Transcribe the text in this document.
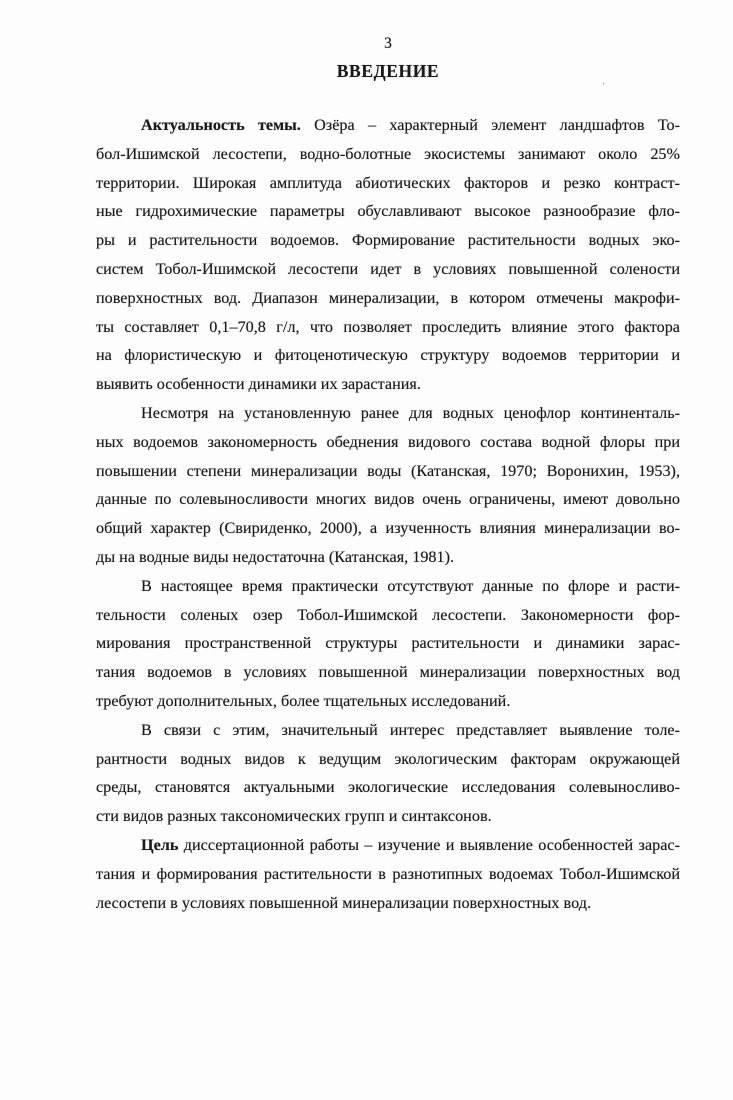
3
ВВЕДЕНИЕ
ʹ
Актуальность темы. Озёра – характерный элемент ландшафтов То-
бол-Ишимской лесостепи, водно-болотные экосистемы занимают около 25%
территории. Широкая амплитуда абиотических факторов и резко контраст-
ные гидрохимические параметры обуславливают высокое разнообразие фло-
ры и растительности водоемов. Формирование растительности водных эко-
систем Тобол-Ишимской лесостепи идет в условиях повышенной солености
поверхностных вод. Диапазон минерализации, в котором отмечены макрофи-
ты составляет 0,1–70,8 г/л, что позволяет проследить влияние этого фактора
на флористическую и фитоценотическую структуру водоемов территории и
выявить особенности динамики их зарастания.
Несмотря на установленную ранее для водных ценофлор континенталь-
ных водоемов закономерность обеднения видового состава водной флоры при
повышении степени минерализации воды (Катанская, 1970; Воронихин, 1953),
данные по солевыносливости многих видов очень ограничены, имеют довольно
общий характер (Свириденко, 2000), а изученность влияния минерализации во-
ды на водные виды недостаточна (Катанская, 1981).
В настоящее время практически отсутствуют данные по флоре и расти-
тельности соленых озер Тобол-Ишимской лесостепи. Закономерности фор-
мирования пространственной структуры растительности и динамики зарас-
тания водоемов в условиях повышенной минерализации поверхностных вод
требуют дополнительных, более тщательных исследований.
В связи с этим, значительный интерес представляет выявление толе-
рантности водных видов к ведущим экологическим факторам окружающей
среды, становятся актуальными экологические исследования солевыносливо-
сти видов разных таксономических групп и синтаксонов.
Цель диссертационной работы – изучение и выявление особенностей зарас-
тания и формирования растительности в разнотипных водоемах Тобол-Ишимской
лесостепи в условиях повышенной минерализации поверхностных вод.
